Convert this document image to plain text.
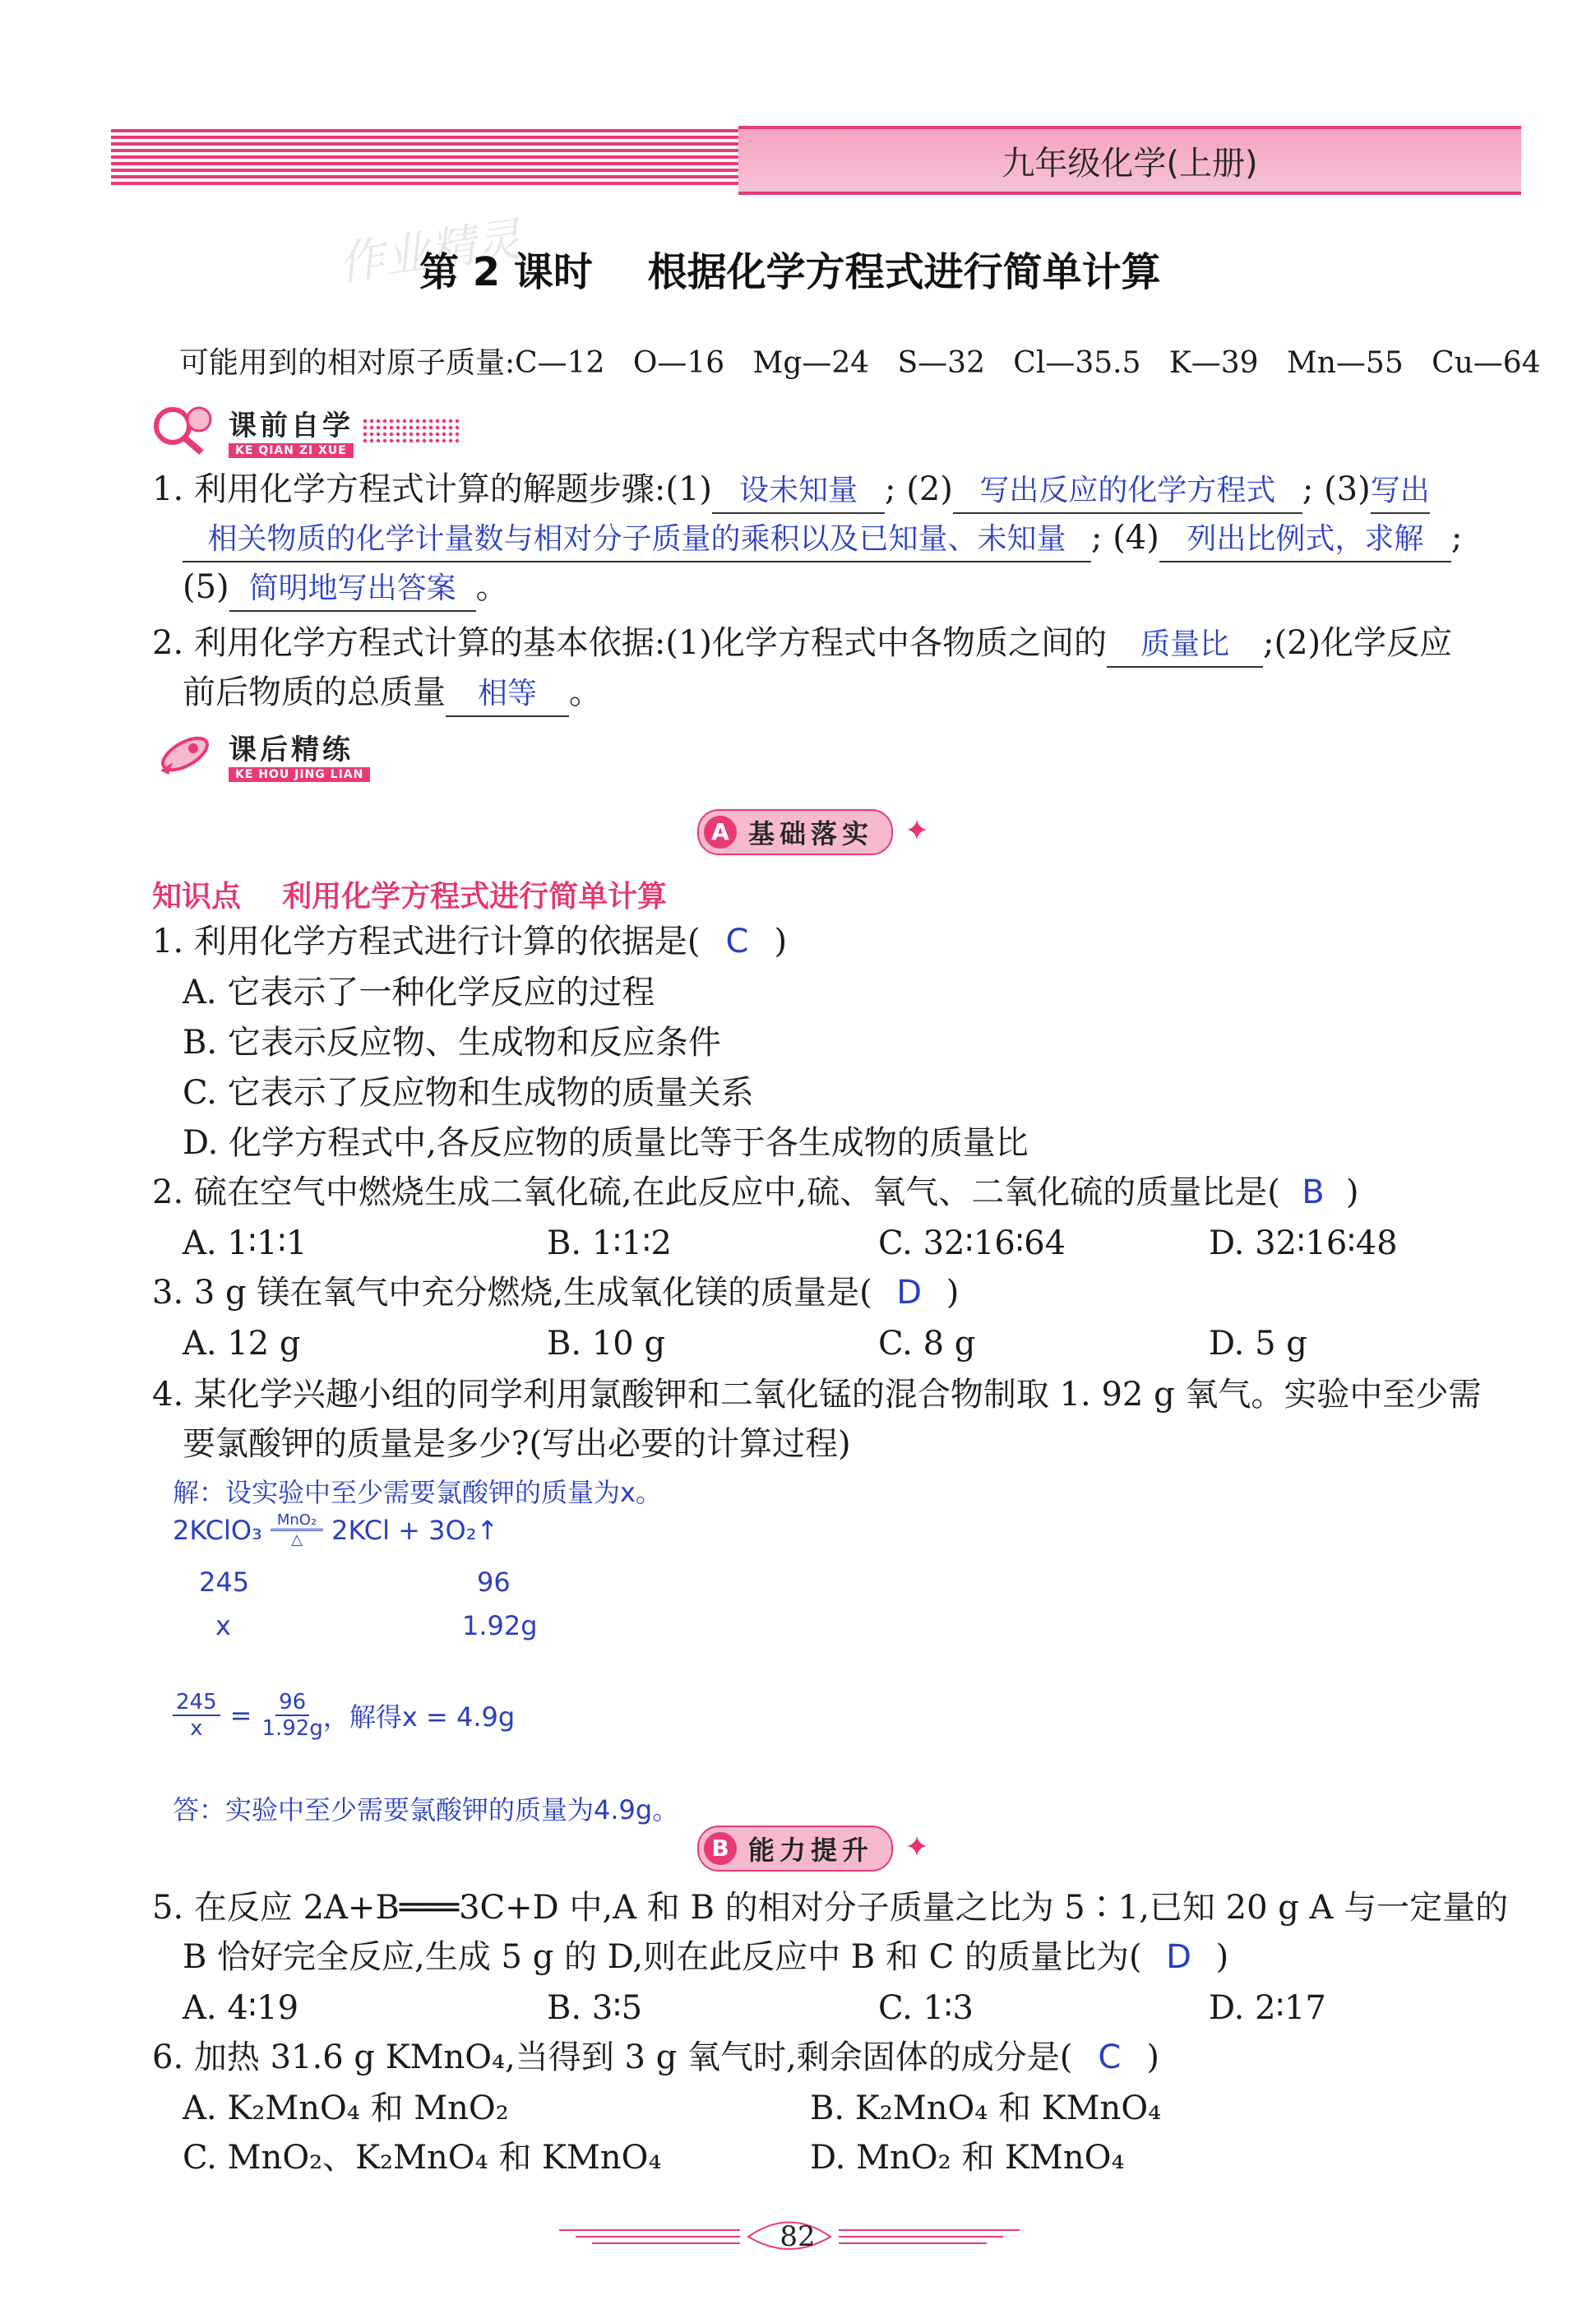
九年级化学(上册)
作业精灵
第 2 课时    根据化学方程式进行简单计算
可能用到的相对原子质量:C—12   O—16   Mg—24   S—32   Cl—35.5   K—39   Mn—55   Cu—64
课前自学
KE QIAN ZI XUE
1. 利用化学方程式计算的解题步骤:(1) 设未知量 ; (2) 写出反应的化学方程式 ; (3)写出
相关物质的化学计量数与相对分子质量的乘积以及已知量、未知量 ; (4) 列出比例式，求解 ;
(5) 简明地写出答案 。
2. 利用化学方程式计算的基本依据:(1)化学方程式中各物质之间的 质量比 ;(2)化学反应
前后物质的总质量 相等 。
课后精练
KE HOU JING LIAN
A 基础落实 ✦
知识点    利用化学方程式进行简单计算
1. 利用化学方程式进行计算的依据是( C )
A. 它表示了一种化学反应的过程
B. 它表示反应物、生成物和反应条件
C. 它表示了反应物和生成物的质量关系
D. 化学方程式中,各反应物的质量比等于各生成物的质量比
2. 硫在空气中燃烧生成二氧化硫,在此反应中,硫、氧气、二氧化硫的质量比是( B )
A. 1∶1∶1	B. 1∶1∶2	C. 32∶16∶64	D. 32∶16∶48
3. 3 g 镁在氧气中充分燃烧,生成氧化镁的质量是( D )
A. 12 g	B. 10 g	C. 8 g	D. 5 g
4. 某化学兴趣小组的同学利用氯酸钾和二氧化锰的混合物制取 1. 92 g 氧气。实验中至少需
要氯酸钾的质量是多少?(写出必要的计算过程)
解：设实验中至少需要氯酸钾的质量为x。
2KClO₃	MnO₂
△ 2KCl + 3O₂↑
245	96
x	1.92g
$\frac{245}{x} = \frac{96}{1.92g}$ ，解得x = 4.9g
答：实验中至少需要氯酸钾的质量为4.9g。
B 能力提升 ✦
5. 在反应 2A+B═══3C+D 中,A 和 B 的相对分子质量之比为 5∶1,已知 20 g A 与一定量的
B 恰好完全反应,生成 5 g 的 D,则在此反应中 B 和 C 的质量比为( D )
A. 4∶19	B. 3∶5	C. 1∶3	D. 2∶17
6. 加热 31.6 g KMnO₄,当得到 3 g 氧气时,剩余固体的成分是( C )
A. K₂MnO₄ 和 MnO₂	B. K₂MnO₄ 和 KMnO₄
C. MnO₂、K₂MnO₄ 和 KMnO₄	D. MnO₂ 和 KMnO₄
82
